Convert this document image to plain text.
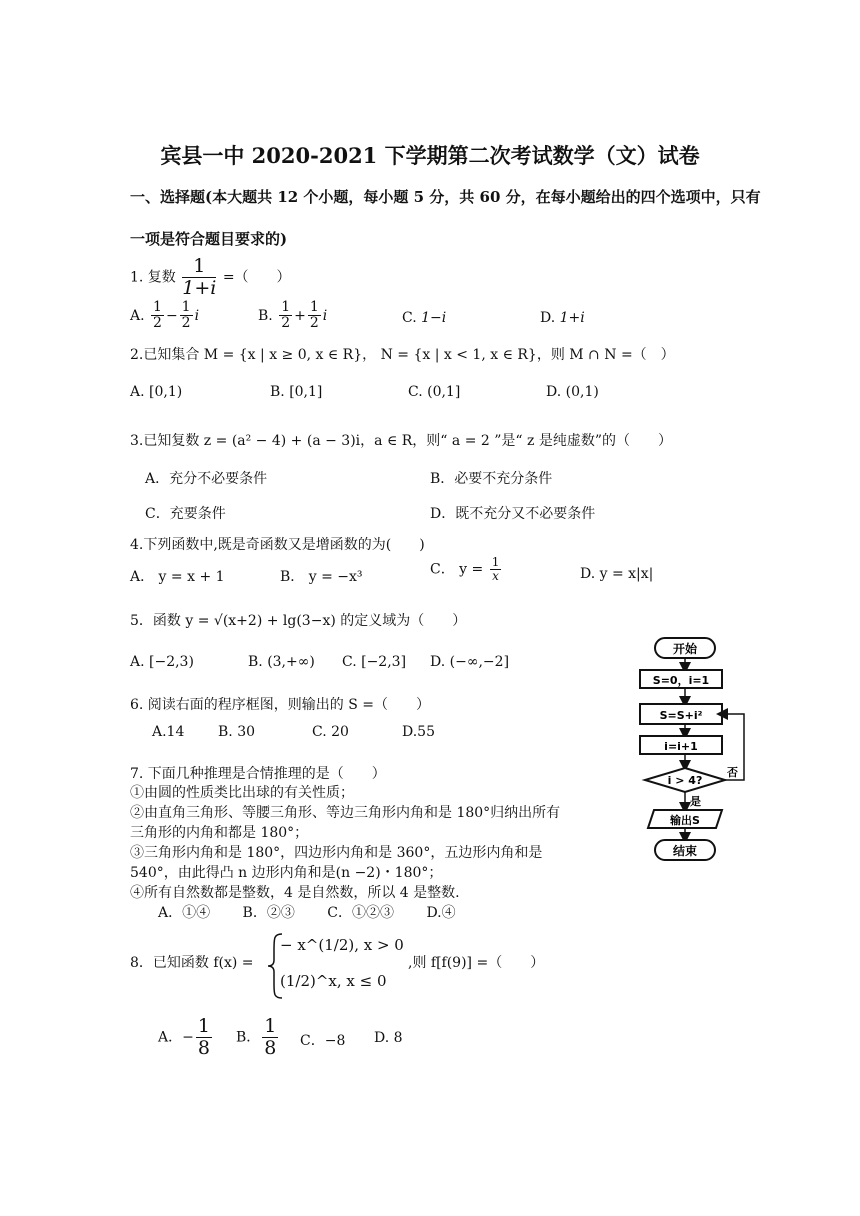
宾县一中 2020-2021 下学期第二次考试数学（文）试卷
一、选择题(本大题共 12 个小题，每小题 5 分，共 60 分，在每小题给出的四个选项中，只有
一项是符合题目要求的)
1. 复数 $\frac{1}{1+i}$ =（　　）
A. $\frac{1}{2} - \frac{1}{2}$ i	B. $\frac{1}{2} + \frac{1}{2}$ i	C. 1−i	D. 1+i
2.已知集合 M = {x | x ≥ 0, x ∈ R}， N = {x | x < 1, x ∈ R}，则 M ∩ N =（　）
A. [0,1)	B. [0,1]	C. (0,1]	D. (0,1)
3.已知复数 z = (a² − 4) + (a − 3)i，a ∈ R，则“ a = 2 ”是“ z 是纯虚数”的（　　）
A．充分不必要条件	B．必要不充分条件
C．充要条件	D．既不充分又不必要条件
4.下列函数中,既是奇函数又是增函数的为(　　)
A． y = x + 1	B． y = −x³	C． $y = \frac{1}{x}$	D. y = x|x|
5．函数 y = √(x+2) + lg(3−x) 的定义域为（　　）
A. [−2,3)	B. (3,+∞) C. [−2,3] D. (−∞,−2]
6. 阅读右面的程序框图，则输出的 S =（　　）
A.14 B. 30	C. 20	D.55
开始
S=0，i=1
S=S+i²
i=i+1
i > 4?
否
是
输出S
结束
7. 下面几种推理是合情推理的是（　　）
①由圆的性质类比出球的有关性质；
②由直角三角形、等腰三角形、等边三角形内角和是 180°归纳出所有
三角形的内角和都是 180°；
③三角形内角和是 180°，四边形内角和是 360°，五边形内角和是
540°，由此得凸 n 边形内角和是(n −2)・180°；
④所有自然数都是整数，4 是自然数，所以 4 是整数.
A．①④　　 B．②③　　 C．①②③　　 D.④
8．已知函数 f(x) =
− x^(1/2), x > 0
(1/2)^x, x ≤ 0
,则 f[f(9)] =（　　）
A．− $\frac{1}{8}$ B． $\frac{1}{8}$ C．−8 D. 8
